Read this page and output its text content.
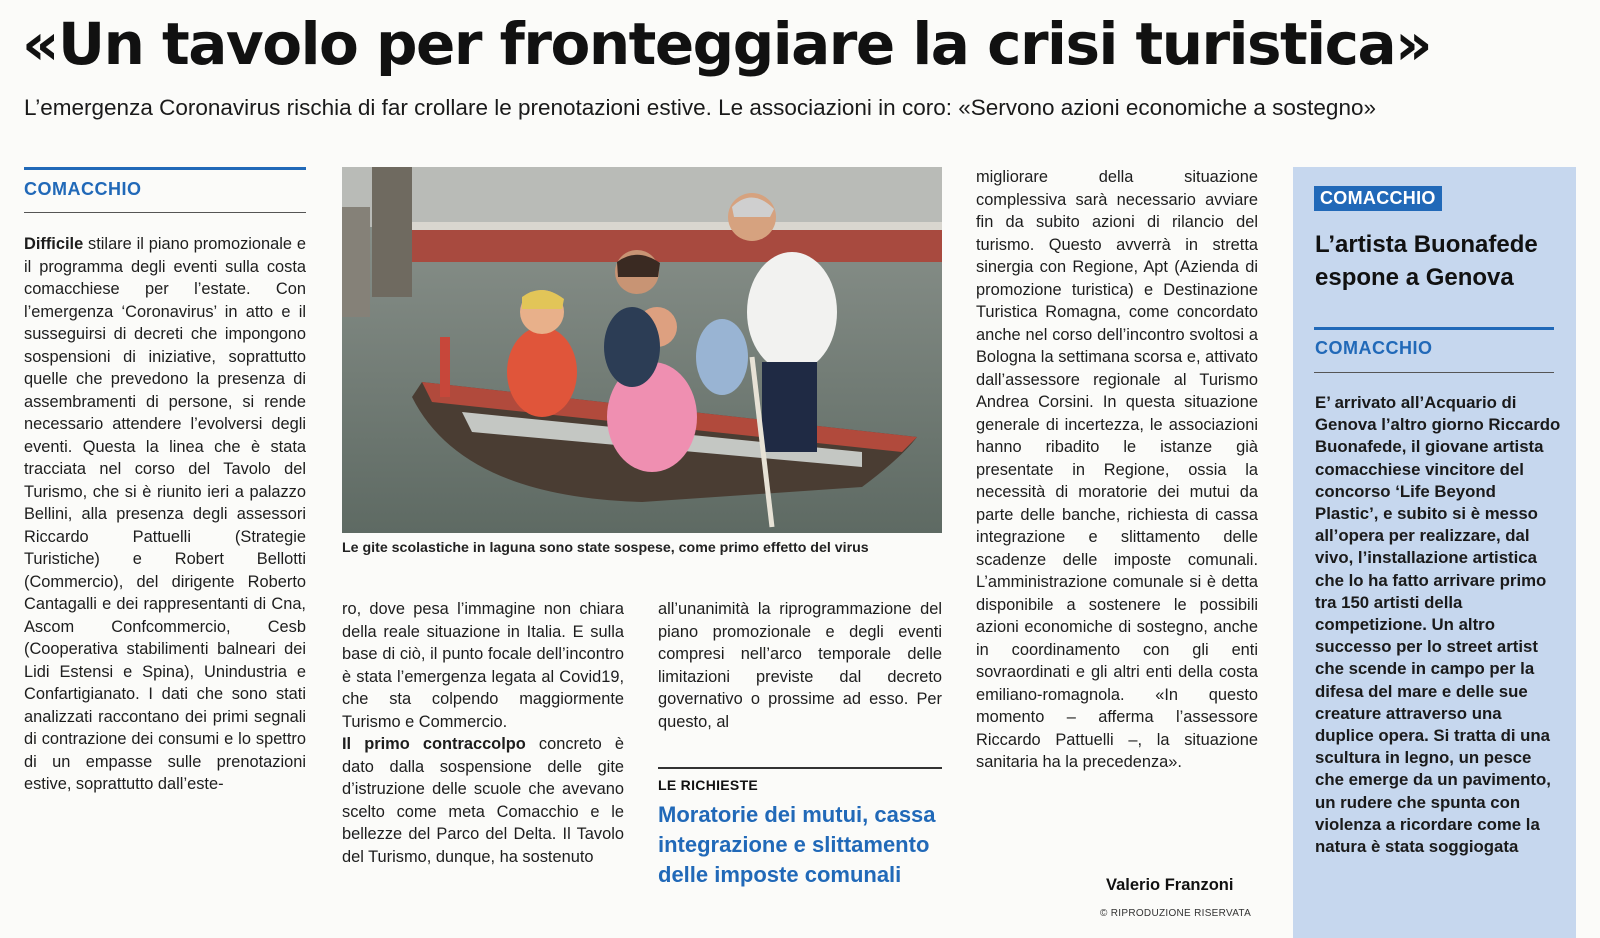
«Un tavolo per fronteggiare la crisi turistica»
L’emergenza Coronavirus rischia di far crollare le prenotazioni estive. Le associazioni in coro: «Servono azioni economiche a sostegno»
COMACCHIO

Difficile stilare il piano promozionale e il programma degli eventi sulla costa comacchiese per l’estate. Con l’emergenza ‘Coronavirus’ in atto e il susseguirsi di decreti che impongono sospensioni di iniziative, soprattutto quelle che prevedono la presenza di assembramenti di persone, si rende necessario attendere l’evolversi degli eventi. Questa la linea che è stata tracciata nel corso del Tavolo del Turismo, che si è riunito ieri a palazzo Bellini, alla presenza degli assessori Riccardo Pattuelli (Strategie Turistiche) e Robert Bellotti (Commercio), del dirigente Roberto Cantagalli e dei rappresentanti di Cna, Ascom Confcommercio, Cesb (Cooperativa stabilimenti balneari dei Lidi Estensi e Spina), Unindustria e Confartigianato. I dati che sono stati analizzati raccontano dei primi segnali di contrazione dei consumi e lo spettro di un empasse sulle prenotazioni estive, soprattutto dall’este-

Le gite scolastiche in laguna sono state sospese, come primo effetto del virus

ro, dove pesa l’immagine non chiara della reale situazione in Italia. E sulla base di ciò, il punto focale dell’incontro è stata l’emergenza legata al Covid19, che sta colpendo maggiormente Turismo e Commercio.
Il primo contraccolpo concreto è dato dalla sospensione delle gite d’istruzione delle scuole che avevano scelto come meta Comacchio e le bellezze del Parco del Delta. Il Tavolo del Turismo, dunque, ha sostenuto

all’unanimità la riprogrammazione del piano promozionale e degli eventi compresi nell’arco temporale delle limitazioni previste dal decreto governativo o prossime ad esso. Per questo, al

LE RICHIESTE
Moratorie dei mutui, cassa integrazione e slittamento delle imposte comunali

migliorare della situazione complessiva sarà necessario avviare fin da subito azioni di rilancio del turismo. Questo avverrà in stretta sinergia con Regione, Apt (Azienda di promozione turistica) e Destinazione Turistica Romagna, come concordato anche nel corso dell’incontro svoltosi a Bologna la settimana scorsa e, attivato dall’assessore regionale al Turismo Andrea Corsini. In questa situazione generale di incertezza, le associazioni hanno ribadito le istanze già presentate in Regione, ossia la necessità di moratorie dei mutui da parte delle banche, richiesta di cassa integrazione e slittamento delle scadenze delle imposte comunali. L’amministrazione comunale si è detta disponibile a sostenere le possibili azioni economiche di sostegno, anche in coordinamento con gli enti sovraordinati e gli altri enti della costa emiliano-romagnola. «In questo momento – afferma l’assessore Riccardo Pattuelli –, la situazione sanitaria ha la precedenza».

Valerio Franzoni
© RIPRODUZIONE RISERVATA
COMACCHIO
L’artista Buonafede espone a Genova
COMACCHIO
E’ arrivato all’Acquario di Genova l’altro giorno Riccardo Buonafede, il giovane artista comacchiese vincitore del concorso ‘Life Beyond Plastic’, e subito si è messo all’opera per realizzare, dal vivo, l’installazione artistica che lo ha fatto arrivare primo tra 150 artisti della competizione. Un altro successo per lo street artist che scende in campo per la difesa del mare e delle sue creature attraverso una duplice opera. Si tratta di una scultura in legno, un pesce che emerge da un pavimento, un rudere che spunta con violenza a ricordare come la natura è stata soggiogata
